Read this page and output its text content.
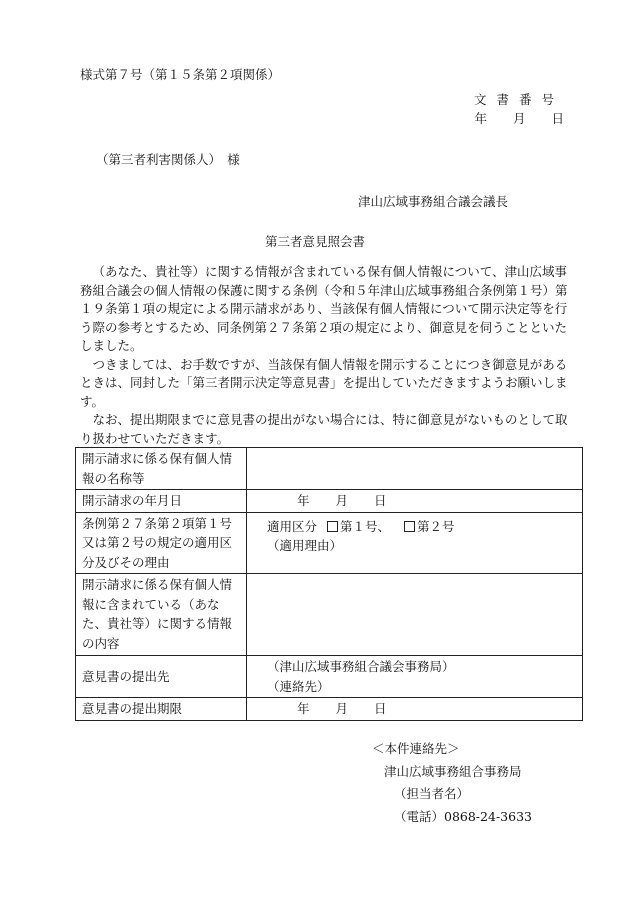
様式第７号（第１５条第２項関係）
文書番号
年 月 日
（第三者利害関係人）　様
津山広域事務組合議会議長
第三者意見照会書

（あなた、貴社等）に関する情報が含まれている保有個人情報について、津山広域事務組合議会の個人情報の保護に関する条例（令和５年津山広域事務組合条例第１号）第１９条第１項の規定による開示請求があり、当該保有個人情報について開示決定等を行う際の参考とするため、同条例第２７条第２項の規定により、御意見を伺うことといたしました。

つきましては、お手数ですが、当該保有個人情報を開示することにつき御意見があるときは、同封した「第三者開示決定等意見書」を提出していただきますようお願いします。

なお、提出期限までに意見書の提出がない場合には、特に御意見がないものとして取り扱わせていただきます。

開示請求に係る保有個人情報の名称等	
開示請求の年月日	年 月 日
条例第２７条第２項第１号又は第２号の規定の適用区分及びその理由	適用区分 第１号、 第２号
（適用理由）

開示請求に係る保有個人情報に含まれている（あなた、貴社等）に関する情報の内容	
意見書の提出先	（津山広域事務組合議会事務局）
（連絡先）

意見書の提出期限	年 月 日
＜本件連絡先＞
津山広域事務組合事務局
（担当者名）
（電話）0868-24-3633
